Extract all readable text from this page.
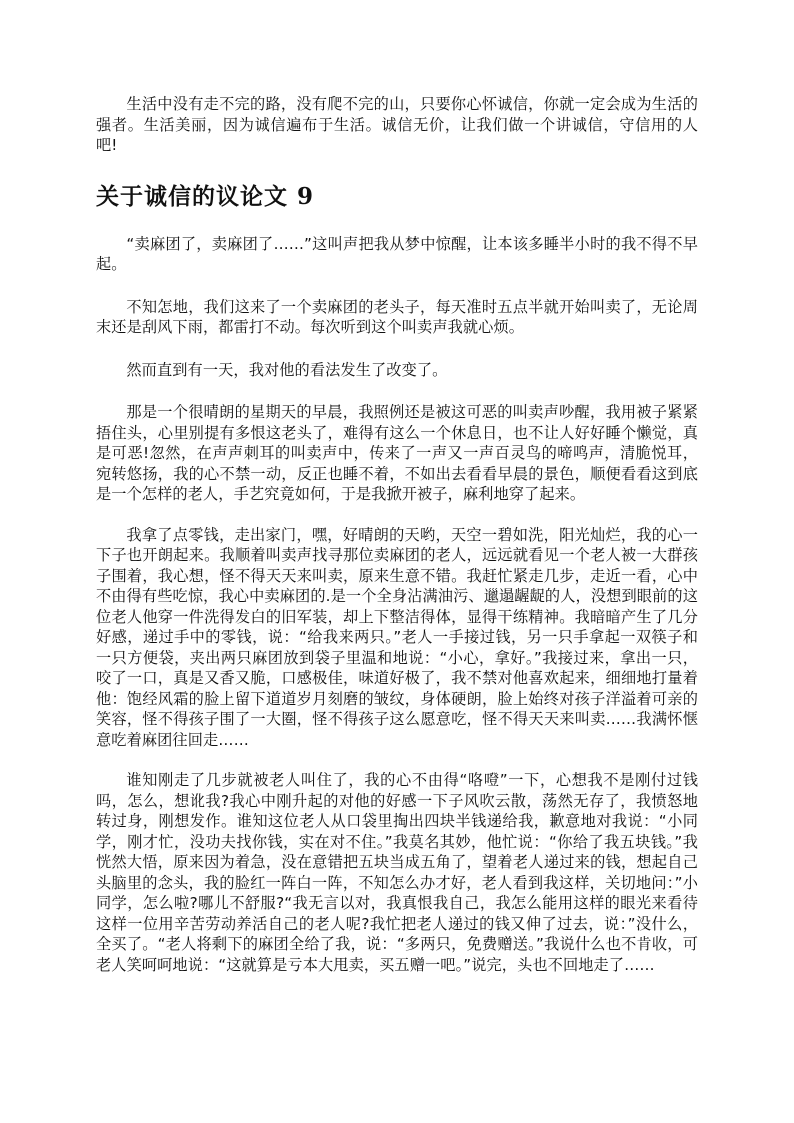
生活中没有走不完的路，没有爬不完的山，只要你心怀诚信，你就一定会成为生活的强者。生活美丽，因为诚信遍布于生活。诚信无价，让我们做一个讲诚信，守信用的人吧!

关于诚信的议论文 9

“卖麻团了，卖麻团了……”这叫声把我从梦中惊醒，让本该多睡半小时的我不得不早起。

不知怎地，我们这来了一个卖麻团的老头子，每天准时五点半就开始叫卖了，无论周末还是刮风下雨，都雷打不动。每次听到这个叫卖声我就心烦。

然而直到有一天，我对他的看法发生了改变了。

那是一个很晴朗的星期天的早晨，我照例还是被这可恶的叫卖声吵醒，我用被子紧紧捂住头，心里别提有多恨这老头了，难得有这么一个休息日，也不让人好好睡个懒觉，真是可恶!忽然，在声声刺耳的叫卖声中，传来了一声又一声百灵鸟的啼鸣声，清脆悦耳，宛转悠扬，我的心不禁一动，反正也睡不着，不如出去看看早晨的景色，顺便看看这到底是一个怎样的老人，手艺究竟如何，于是我掀开被子，麻利地穿了起来。

我拿了点零钱，走出家门，嘿，好晴朗的天哟，天空一碧如洗，阳光灿烂，我的心一下子也开朗起来。我顺着叫卖声找寻那位卖麻团的老人，远远就看见一个老人被一大群孩子围着，我心想，怪不得天天来叫卖，原来生意不错。我赶忙紧走几步，走近一看，心中不由得有些吃惊，我心中卖麻团的.是一个全身沾满油污、邋遢龌龊的人，没想到眼前的这位老人他穿一件洗得发白的旧军装，却上下整洁得体，显得干练精神。我暗暗产生了几分好感，递过手中的零钱，说：“给我来两只。”老人一手接过钱，另一只手拿起一双筷子和一只方便袋，夹出两只麻团放到袋子里温和地说：“小心，拿好。”我接过来，拿出一只，咬了一口，真是又香又脆，口感极佳，味道好极了，我不禁对他喜欢起来，细细地打量着他：饱经风霜的脸上留下道道岁月刻磨的皱纹，身体硬朗，脸上始终对孩子洋溢着可亲的笑容，怪不得孩子围了一大圈，怪不得孩子这么愿意吃，怪不得天天来叫卖……我满怀惬意吃着麻团往回走……

谁知刚走了几步就被老人叫住了，我的心不由得“咯噔”一下，心想我不是刚付过钱吗，怎么，想讹我?我心中刚升起的对他的好感一下子风吹云散，荡然无存了，我愤怒地转过身，刚想发作。谁知这位老人从口袋里掏出四块半钱递给我，歉意地对我说：“小同学，刚才忙，没功夫找你钱，实在对不住。”我莫名其妙，他忙说：“你给了我五块钱。”我恍然大悟，原来因为着急，没在意错把五块当成五角了，望着老人递过来的钱，想起自己头脑里的念头，我的脸红一阵白一阵，不知怎么办才好，老人看到我这样，关切地问：”小同学，怎么啦?哪儿不舒服?“我无言以对，我真恨我自己，我怎么能用这样的眼光来看待这样一位用辛苦劳动养活自己的老人呢?我忙把老人递过的钱又伸了过去，说：”没什么，全买了。“老人将剩下的麻团全给了我，说：“多两只，免费赠送。”我说什么也不肯收，可老人笑呵呵地说：“这就算是亏本大甩卖，买五赠一吧。”说完，头也不回地走了……
